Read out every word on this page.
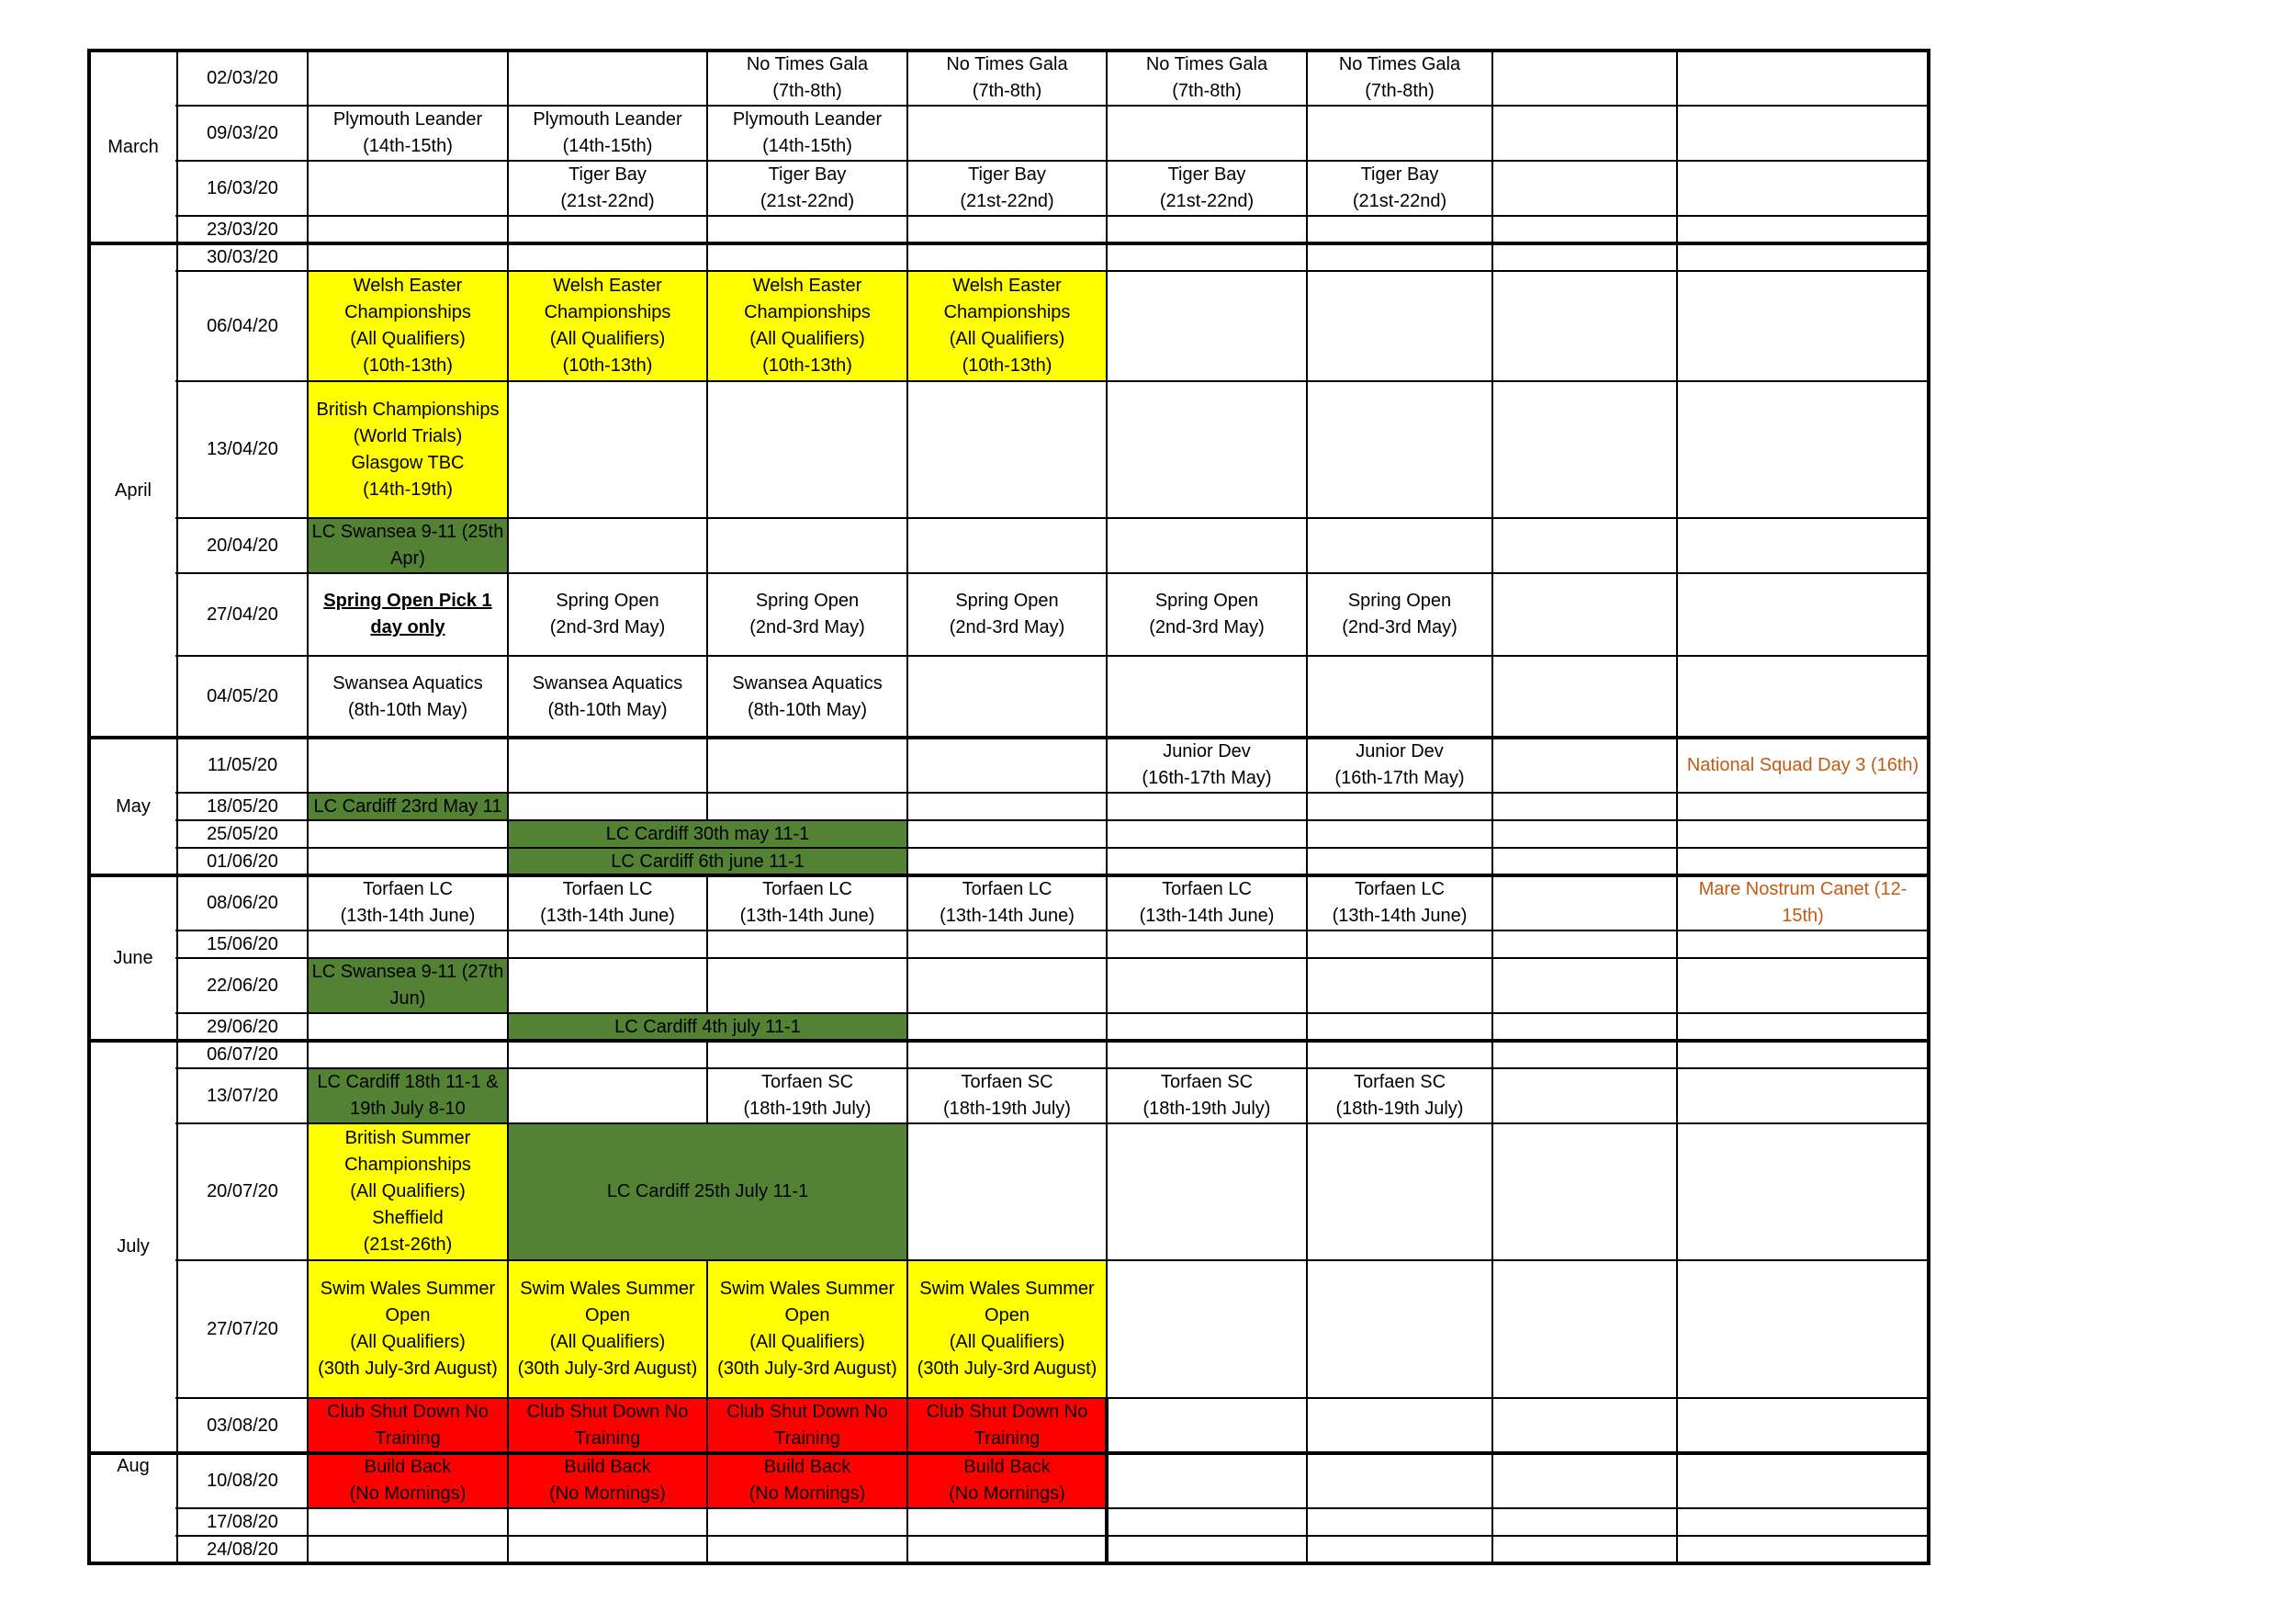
No Times Gala
(7th-8th)
No Times Gala
(7th-8th)
No Times Gala
(7th-8th)
No Times Gala
(7th-8th)
Plymouth Leander
(14th-15th)
Plymouth Leander
(14th-15th)
Plymouth Leander
(14th-15th)
Tiger Bay
(21st-22nd)
Tiger Bay
(21st-22nd)
Tiger Bay
(21st-22nd)
Tiger Bay
(21st-22nd)
Tiger Bay
(21st-22nd)
Welsh Easter
Championships
(All Qualifiers)
(10th-13th)
Welsh Easter
Championships
(All Qualifiers)
(10th-13th)
Welsh Easter
Championships
(All Qualifiers)
(10th-13th)
Welsh Easter
Championships
(All Qualifiers)
(10th-13th)
British Championships
(World Trials)
Glasgow TBC
(14th-19th)
LC Swansea 9-11 (25th
Apr)
Spring Open Pick 1
day only
Spring Open
(2nd-3rd May)
Spring Open
(2nd-3rd May)
Spring Open
(2nd-3rd May)
Spring Open
(2nd-3rd May)
Spring Open
(2nd-3rd May)
Swansea Aquatics
(8th-10th May)
Swansea Aquatics
(8th-10th May)
Swansea Aquatics
(8th-10th May)
Junior Dev
(16th-17th May)
Junior Dev
(16th-17th May)
National Squad Day 3 (16th)
LC Cardiff 23rd May 11
LC Cardiff 30th may 11-1
LC Cardiff 6th june 11-1
Torfaen LC
(13th-14th June)
Torfaen LC
(13th-14th June)
Torfaen LC
(13th-14th June)
Torfaen LC
(13th-14th June)
Torfaen LC
(13th-14th June)
Torfaen LC
(13th-14th June)
Mare Nostrum Canet (12-
15th)
LC Swansea 9-11 (27th
Jun)
LC Cardiff 4th july 11-1
LC Cardiff 18th 11-1 &
19th July 8-10
Torfaen SC
(18th-19th July)
Torfaen SC
(18th-19th July)
Torfaen SC
(18th-19th July)
Torfaen SC
(18th-19th July)
British Summer
Championships
(All Qualifiers)
Sheffield
(21st-26th)
LC Cardiff 25th July 11-1
Swim Wales Summer
Open
(All Qualifiers)
(30th July-3rd August)
Swim Wales Summer
Open
(All Qualifiers)
(30th July-3rd August)
Swim Wales Summer
Open
(All Qualifiers)
(30th July-3rd August)
Swim Wales Summer
Open
(All Qualifiers)
(30th July-3rd August)
Club Shut Down No
Training
Club Shut Down No
Training
Club Shut Down No
Training
Club Shut Down No
Training
Build Back
(No Mornings)
Build Back
(No Mornings)
Build Back
(No Mornings)
Build Back
(No Mornings)
02/03/20
09/03/20
16/03/20
23/03/20
30/03/20
06/04/20
13/04/20
20/04/20
27/04/20
04/05/20
11/05/20
18/05/20
25/05/20
01/06/20
08/06/20
15/06/20
22/06/20
29/06/20
06/07/20
13/07/20
20/07/20
27/07/20
03/08/20
10/08/20
17/08/20
24/08/20
March
April
May
June
July
Aug
